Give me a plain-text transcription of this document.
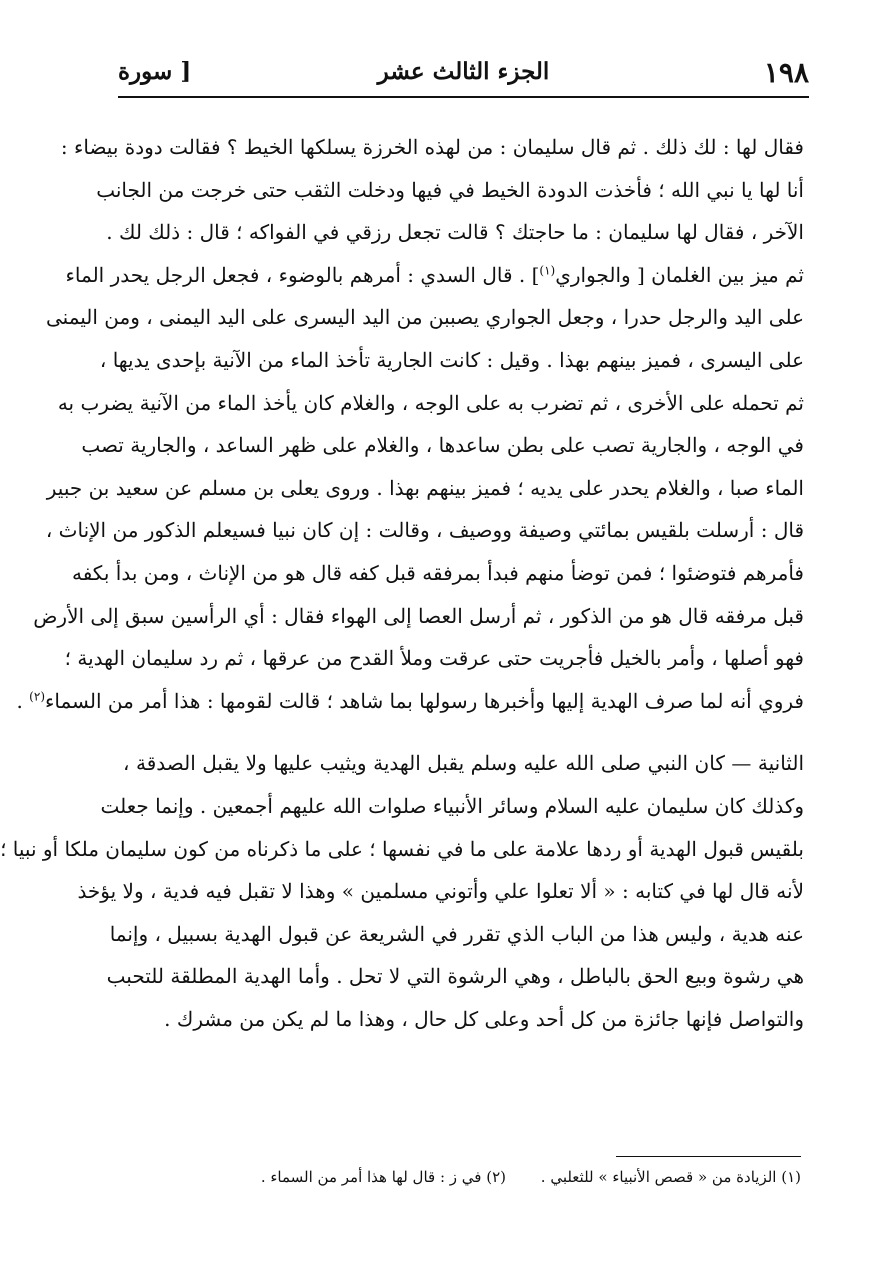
١٩٨
الجزء الثالث عشر
[ سورة
فقال لها : لك ذلك . ثم قال سليمان : من لهذه الخرزة يسلكها الخيط ؟ فقالت دودة بيضاء :
أنا لها يا نبي الله ؛ فأخذت الدودة الخيط في فيها ودخلت الثقب حتى خرجت من الجانب
الآخر ، فقال لها سليمان : ما حاجتك ؟ قالت تجعل رزقي في الفواكه ؛ قال : ذلك لك .
ثم ميز بين الغلمان [ والجواري$^{(١)}$] . قال السدي : أمرهم بالوضوء ، فجعل الرجل يحدر الماء
على اليد والرجل حدرا ، وجعل الجواري يصببن من اليد اليسرى على اليد اليمنى ، ومن اليمنى
على اليسرى ، فميز بينهم بهذا . وقيل : كانت الجارية تأخذ الماء من الآنية بإحدى يديها ،
ثم تحمله على الأخرى ، ثم تضرب به على الوجه ، والغلام كان يأخذ الماء من الآنية يضرب به
في الوجه ، والجارية تصب على بطن ساعدها ، والغلام على ظهر الساعد ، والجارية تصب
الماء صبا ، والغلام يحدر على يديه ؛ فميز بينهم بهذا . وروى يعلى بن مسلم عن سعيد بن جبير
قال : أرسلت بلقيس بمائتي وصيفة ووصيف ، وقالت : إن كان نبيا فسيعلم الذكور من الإناث ،
فأمرهم فتوضئوا ؛ فمن توضأ منهم فبدأ بمرفقه قبل كفه قال هو من الإناث ، ومن بدأ بكفه
قبل مرفقه قال هو من الذكور ، ثم أرسل العصا إلى الهواء فقال : أي الرأسين سبق إلى الأرض
فهو أصلها ، وأمر بالخيل فأجريت حتى عرقت وملأ القدح من عرقها ، ثم رد سليمان الهدية ؛
فروي أنه لما صرف الهدية إليها وأخبرها رسولها بما شاهد ؛ قالت لقومها : هذا أمر من السماء$^{(٢)}$ .
الثانية — كان النبي صلى الله عليه وسلم يقبل الهدية ويثيب عليها ولا يقبل الصدقة ،
وكذلك كان سليمان عليه السلام وسائر الأنبياء صلوات الله عليهم أجمعين . وإنما جعلت
بلقيس قبول الهدية أو ردها علامة على ما في نفسها ؛ على ما ذكرناه من كون سليمان ملكا أو نبيا ؛
لأنه قال لها في كتابه : « ألا تعلوا علي وأتوني مسلمين » وهذا لا تقبل فيه فدية ، ولا يؤخذ
عنه هدية ، وليس هذا من الباب الذي تقرر في الشريعة عن قبول الهدية بسبيل ، وإنما
هي رشوة وبيع الحق بالباطل ، وهي الرشوة التي لا تحل . وأما الهدية المطلقة للتحبب
والتواصل فإنها جائزة من كل أحد وعلى كل حال ، وهذا ما لم يكن من مشرك .
(١) الزيادة من « قصص الأنبياء » للثعلبي . (٢) في ز : قال لها هذا أمر من السماء .
